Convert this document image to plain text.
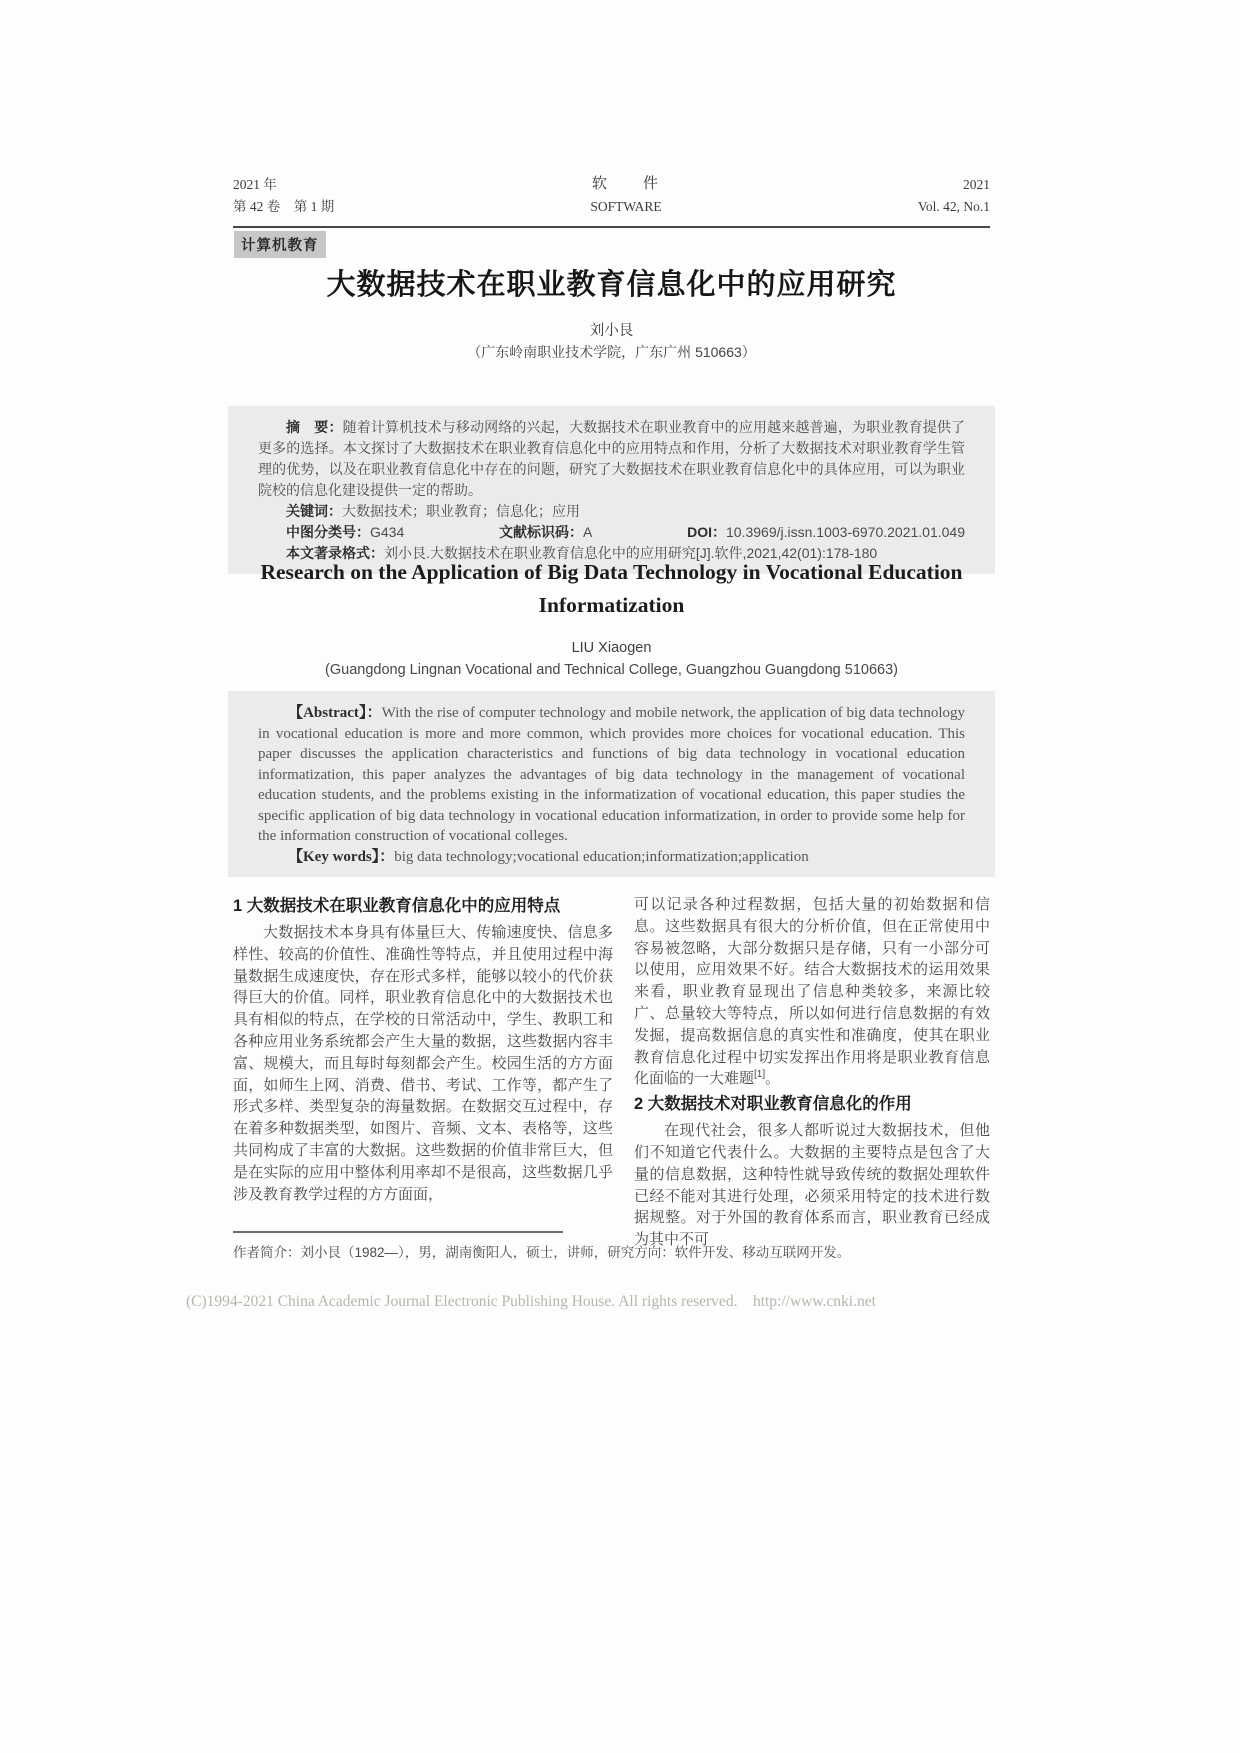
2021 年
第 42 卷　第 1 期
软　　件
SOFTWARE
2021
Vol. 42, No.1
计算机教育
大数据技术在职业教育信息化中的应用研究
刘小艮
（广东岭南职业技术学院，广东广州 510663）

摘　要：随着计算机技术与移动网络的兴起，大数据技术在职业教育中的应用越来越普遍，为职业教育提供了更多的选择。本文探讨了大数据技术在职业教育信息化中的应用特点和作用，分析了大数据技术对职业教育学生管理的优势，以及在职业教育信息化中存在的问题，研究了大数据技术在职业教育信息化中的具体应用，可以为职业院校的信息化建设提供一定的帮助。

关键词：大数据技术；职业教育；信息化；应用

中图分类号：G434	文献标识码：A	DOI：10.3969/j.issn.1003-6970.2021.01.049

本文著录格式：刘小艮.大数据技术在职业教育信息化中的应用研究[J].软件,2021,42(01):178-180

Research on the Application of Big Data Technology in Vocational Education
Informatization
LIU Xiaogen
(Guangdong Lingnan Vocational and Technical College, Guangzhou Guangdong 510663)

【Abstract】：With the rise of computer technology and mobile network, the application of big data technology in vocational education is more and more common, which provides more choices for vocational education. This paper discusses the application characteristics and functions of big data technology in vocational education informatization, this paper analyzes the advantages of big data technology in the management of vocational education students, and the problems existing in the informatization of vocational education, this paper studies the specific application of big data technology in vocational education informatization, in order to provide some help for the information construction of vocational colleges.

【Key words】：big data technology;vocational education;informatization;application

1 大数据技术在职业教育信息化中的应用特点

大数据技术本身具有体量巨大、传输速度快、信息多样性、较高的价值性、准确性等特点，并且使用过程中海量数据生成速度快，存在形式多样，能够以较小的代价获得巨大的价值。同样，职业教育信息化中的大数据技术也具有相似的特点，在学校的日常活动中，学生、教职工和各种应用业务系统都会产生大量的数据，这些数据内容丰富、规模大，而且每时每刻都会产生。校园生活的方方面面，如师生上网、消费、借书、考试、工作等，都产生了形式多样、类型复杂的海量数据。在数据交互过程中，存在着多种数据类型，如图片、音频、文本、表格等，这些共同构成了丰富的大数据。这些数据的价值非常巨大，但是在实际的应用中整体利用率却不是很高，这些数据几乎涉及教育教学过程的方方面面，

可以记录各种过程数据，包括大量的初始数据和信息。这些数据具有很大的分析价值，但在正常使用中容易被忽略，大部分数据只是存储，只有一小部分可以使用，应用效果不好。结合大数据技术的运用效果来看，职业教育显现出了信息种类较多，来源比较广、总量较大等特点，所以如何进行信息数据的有效发掘，提高数据信息的真实性和准确度，使其在职业教育信息化过程中切实发挥出作用将是职业教育信息化面临的一大难题[1]。

2 大数据技术对职业教育信息化的作用

在现代社会，很多人都听说过大数据技术，但他们不知道它代表什么。大数据的主要特点是包含了大量的信息数据，这种特性就导致传统的数据处理软件已经不能对其进行处理，必须采用特定的技术进行数据规整。对于外国的教育体系而言，职业教育已经成为其中不可

作者简介：刘小艮（1982—），男，湖南衡阳人，硕士，讲师，研究方向：软件开发、移动互联网开发。
(C)1994-2021 China Academic Journal Electronic Publishing House. All rights reserved.    http://www.cnki.net
